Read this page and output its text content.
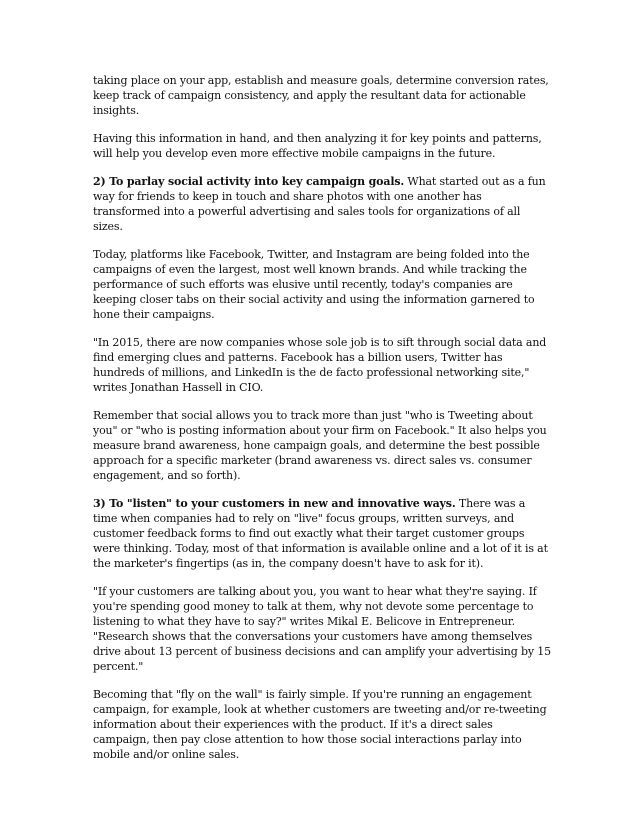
taking place on your app, establish and measure goals, determine conversion rates, keep track of campaign consistency, and apply the resultant data for actionable insights.

Having this information in hand, and then analyzing it for key points and patterns, will help you develop even more effective mobile campaigns in the future.

2) To parlay social activity into key campaign goals. What started out as a fun way for friends to keep in touch and share photos with one another has transformed into a powerful advertising and sales tools for organizations of all sizes.

Today, platforms like Facebook, Twitter, and Instagram are being folded into the campaigns of even the largest, most well known brands. And while tracking the performance of such efforts was elusive until recently, today's companies are keeping closer tabs on their social activity and using the information garnered to hone their campaigns.

"In 2015, there are now companies whose sole job is to sift through social data and find emerging clues and patterns. Facebook has a billion users, Twitter has hundreds of millions, and LinkedIn is the de facto professional networking site," writes Jonathan Hassell in CIO.

Remember that social allows you to track more than just "who is Tweeting about you" or "who is posting information about your firm on Facebook." It also helps you measure brand awareness, hone campaign goals, and determine the best possible approach for a specific marketer (brand awareness vs. direct sales vs. consumer engagement, and so forth).

3) To "listen" to your customers in new and innovative ways. There was a time when companies had to rely on "live" focus groups, written surveys, and customer feedback forms to find out exactly what their target customer groups were thinking. Today, most of that information is available online and a lot of it is at the marketer's fingertips (as in, the company doesn't have to ask for it).

"If your customers are talking about you, you want to hear what they're saying. If you're spending good money to talk at them, why not devote some percentage to listening to what they have to say?" writes Mikal E. Belicove in Entrepreneur. "Research shows that the conversations your customers have among themselves drive about 13 percent of business decisions and can amplify your advertising by 15 percent."

Becoming that "fly on the wall" is fairly simple. If you're running an engagement campaign, for example, look at whether customers are tweeting and/or re-tweeting information about their experiences with the product. If it's a direct sales campaign, then pay close attention to how those social interactions parlay into mobile and/or online sales.
